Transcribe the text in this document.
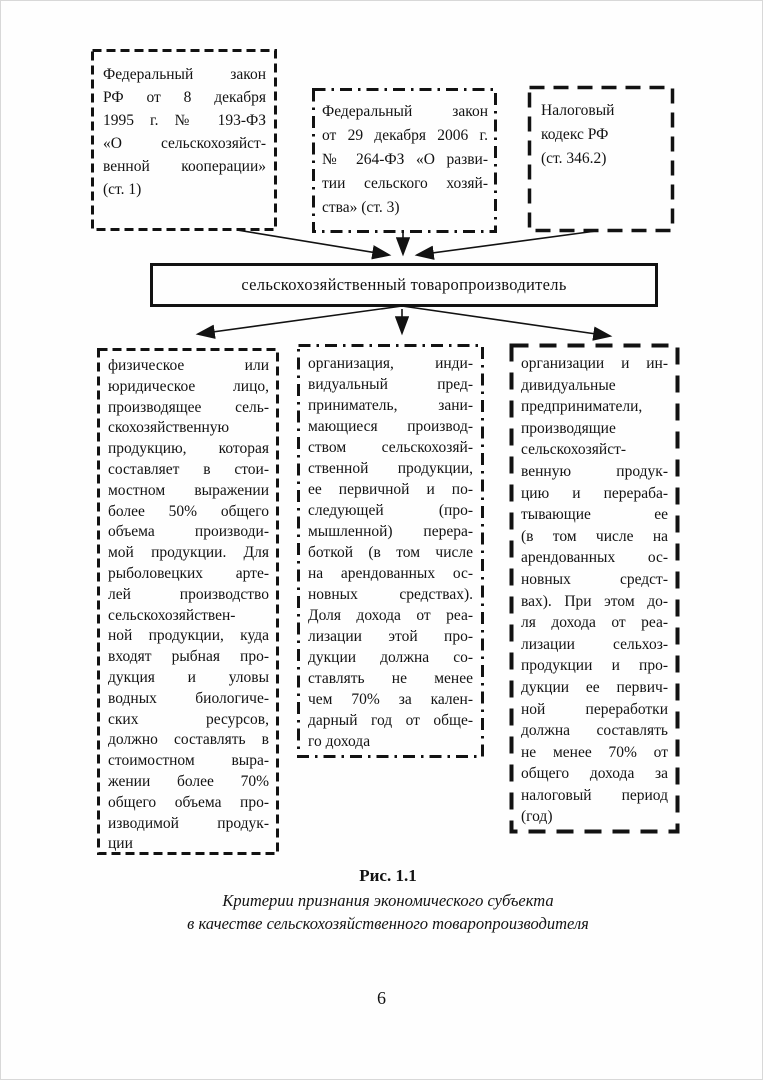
Федеральный закон
РФ от 8 декабря
1995 г. № 193-ФЗ
«О сельскохозяйст-
венной кооперации»
(ст. 1)
Федеральный закон
от 29 декабря 2006 г.
№ 264-ФЗ «О разви-
тии сельского хозяй-
ства» (ст. 3)
Налоговый
кодекс РФ
(ст. 346.2)
сельскохозяйственный товаропроизводитель
физическое или
юридическое лицо,
производящее сель-
скохозяйственную
продукцию, которая
составляет в стои-
мостном выражении
более 50% общего
объема производи-
мой продукции. Для
рыболовецких арте-
лей производство
сельскохозяйствен-
ной продукции, куда
входят рыбная про-
дукция и уловы
водных биологиче-
ских ресурсов,
должно составлять в
стоимостном выра-
жении более 70%
общего объема про-
изводимой продук-
ции
организация, инди-
видуальный пред-
приниматель, зани-
мающиеся производ-
ством сельскохозяй-
ственной продукции,
ее первичной и по-
следующей (про-
мышленной) перера-
боткой (в том числе
на арендованных ос-
новных средствах).
Доля дохода от реа-
лизации этой про-
дукции должна со-
ставлять не менее
чем 70% за кален-
дарный год от обще-
го дохода
организации и ин-
дивидуальные
предприниматели,
производящие
сельскохозяйст-
венную продук-
цию и перераба-
тывающие ее
(в том числе на
арендованных ос-
новных средст-
вах). При этом до-
ля дохода от реа-
лизации сельхоз-
продукции и про-
дукции ее первич-
ной переработки
должна составлять
не менее 70% от
общего дохода за
налоговый период
(год)
Рис. 1.1
Критерии признания экономического субъекта
в качестве сельскохозяйственного товаропроизводителя
6
